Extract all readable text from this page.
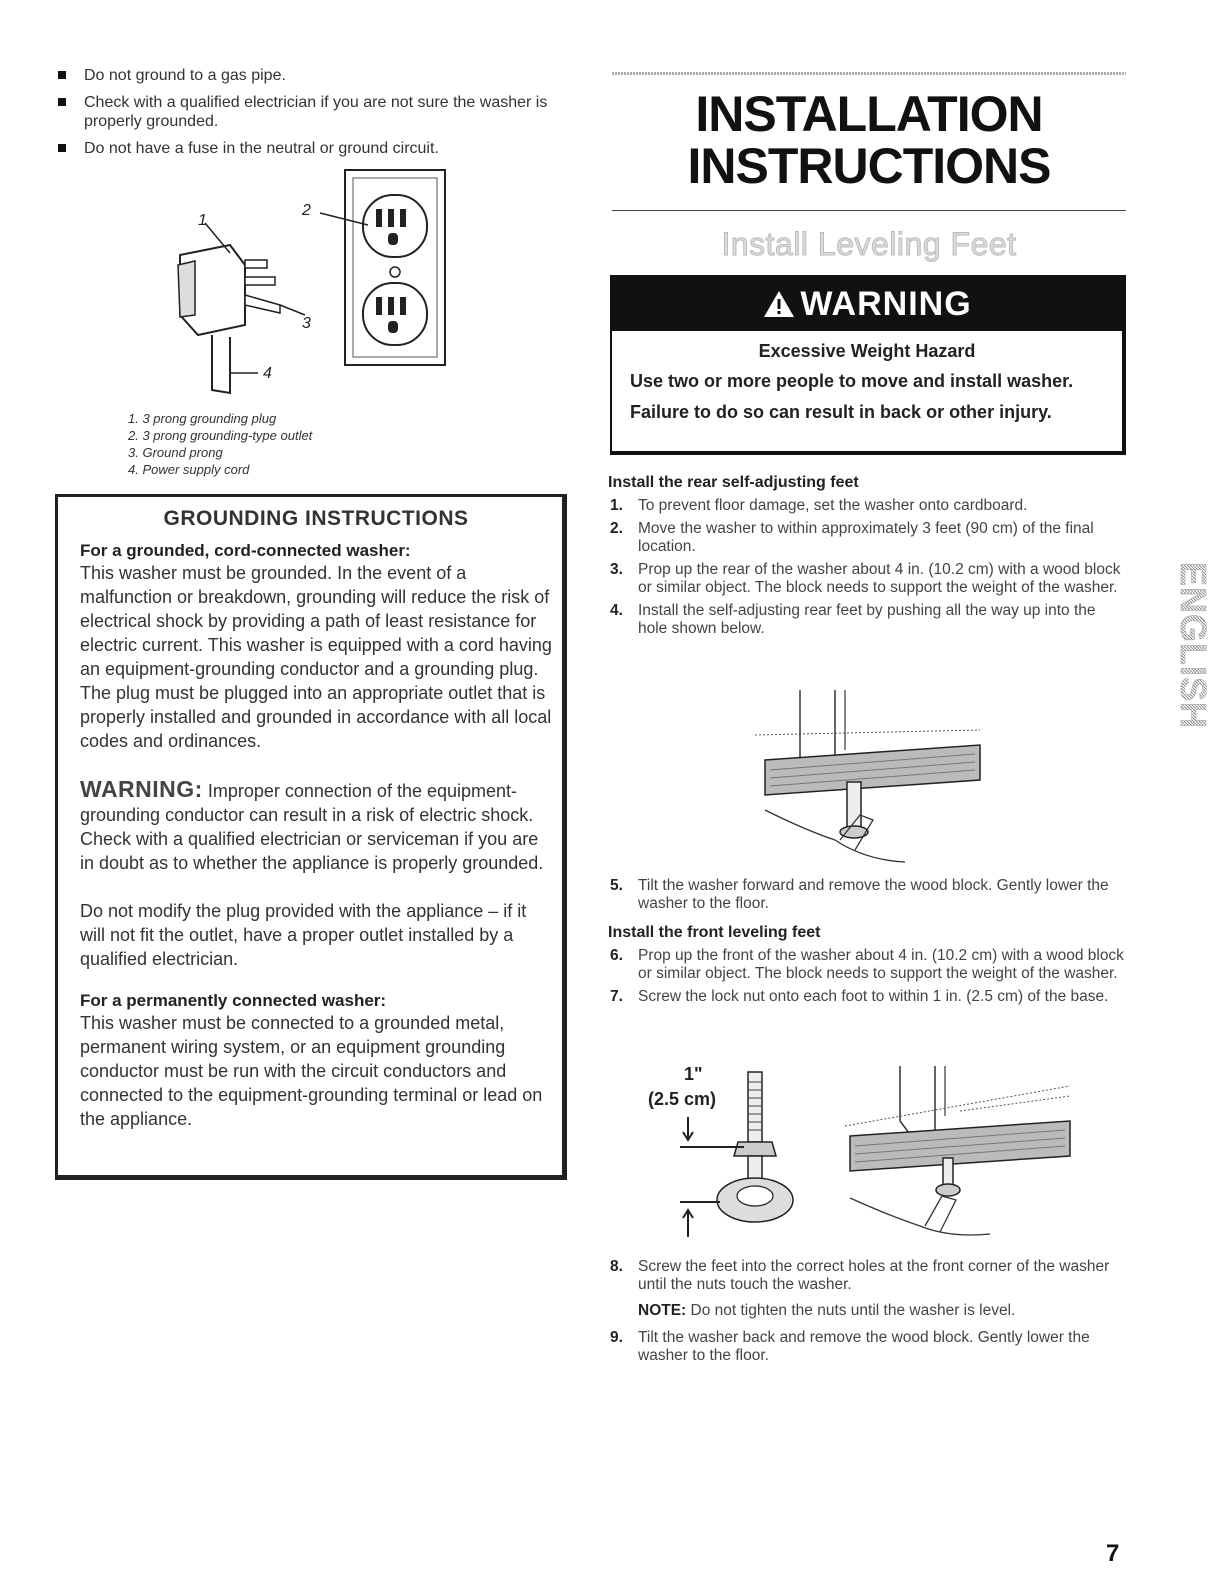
Do not ground to a gas pipe.
Check with a qualified electrician if you are not sure the washer is properly grounded.
Do not have a fuse in the neutral or ground circuit.
1
2
3
4
1. 3 prong grounding plug
2. 3 prong grounding-type outlet
3. Ground prong
4. Power supply cord
GROUNDING INSTRUCTIONS
For a grounded, cord-connected washer:

This washer must be grounded. In the event of a malfunction or breakdown, grounding will reduce the risk of electrical shock by providing a path of least resistance for electric current. This washer is equipped with a cord having an equipment-grounding conductor and a grounding plug. The plug must be plugged into an appropriate outlet that is properly installed and grounded in accordance with all local codes and ordinances.

WARNING: Improper connection of the equipment-grounding conductor can result in a risk of electric shock. Check with a qualified electrician or serviceman if you are in doubt as to whether the appliance is properly grounded.

Do not modify the plug provided with the appliance – if it will not fit the outlet, have a proper outlet installed by a qualified electrician.

For a permanently connected washer:

This washer must be connected to a grounded metal, permanent wiring system, or an equipment grounding conductor must be run with the circuit conductors and connected to the equipment-grounding terminal or lead on the appliance.

INSTALLATION
INSTRUCTIONS
Install Leveling Feet
WARNING
Excessive Weight Hazard
Use two or more people to move and install washer.
Failure to do so can result in back or other injury.
Install the rear self-adjusting feet
1. To prevent floor damage, set the washer onto cardboard.
2. Move the washer to within approximately 3 feet (90 cm) of the final location.
3. Prop up the rear of the washer about 4 in. (10.2 cm) with a wood block or similar object. The block needs to support the weight of the washer.
4. Install the self-adjusting rear feet by pushing all the way up into the hole shown below.
5. Tilt the washer forward and remove the wood block. Gently lower the washer to the floor.
Install the front leveling feet
6. Prop up the front of the washer about 4 in. (10.2 cm) with a wood block or similar object. The block needs to support the weight of the washer.
7. Screw the lock nut onto each foot to within 1 in. (2.5 cm) of the base.
1"
(2.5 cm)
8. Screw the feet into the correct holes at the front corner of the washer until the nuts touch the washer.
NOTE: Do not tighten the nuts until the washer is level.
9. Tilt the washer back and remove the wood block. Gently lower the washer to the floor.
ENGLISH
7
